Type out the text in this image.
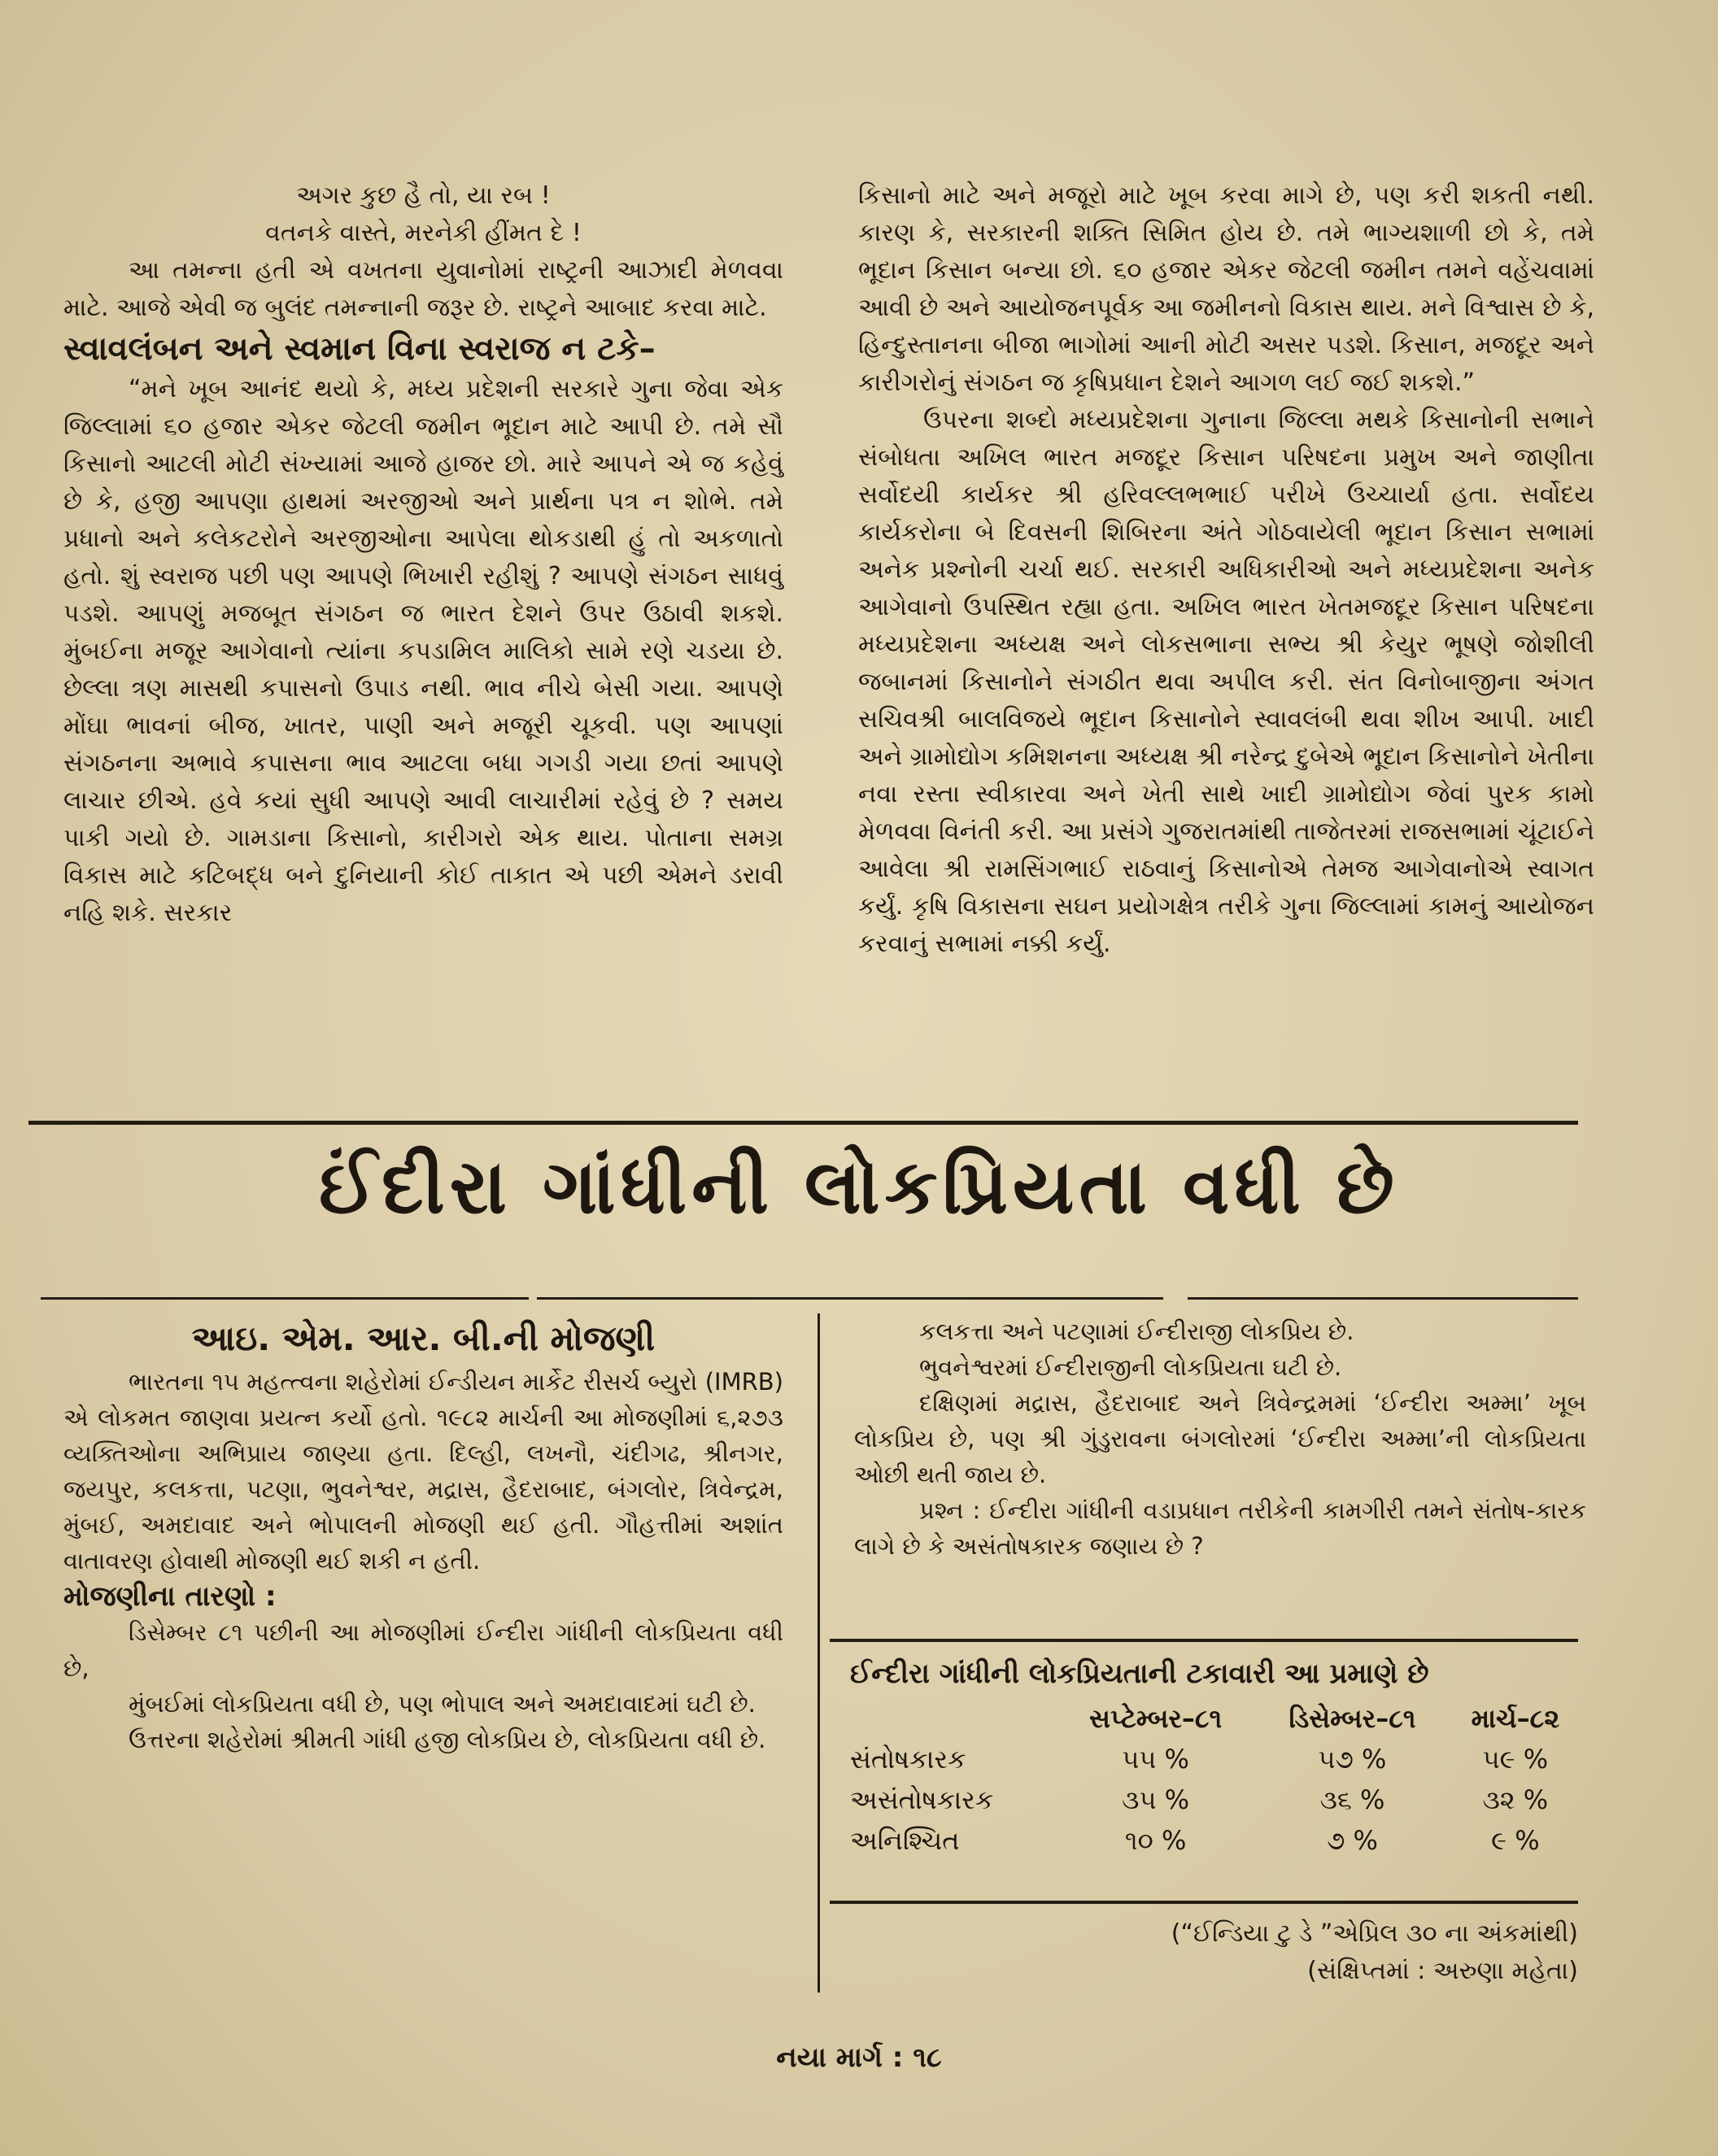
અગર કુછ હૈ તો, યા રબ !

વતનકે વાસ્તે, મરનેકી હીંમત દે !

આ તમન્ના હતી એ વખતના યુવાનોમાં રાષ્ટ્રની આઝાદી મેળવવા માટે. આજે એવી જ બુલંદ તમન્નાની જરૂર છે. રાષ્ટ્રને આબાદ કરવા માટે.

સ્વાવલંબન અને સ્વમાન વિના સ્વરાજ ન ટકે–

“મને ખૂબ આનંદ થયો કે, મધ્ય પ્રદેશની સરકારે ગુના જેવા એક જિલ્લામાં ૬૦ હજાર એકર જેટલી જમીન ભૂદાન માટે આપી છે. તમે સૌ કિસાનો આટલી મોટી સંખ્યામાં આજે હાજર છો. મારે આપને એ જ કહેવું છે કે, હજી આપણા હાથમાં અરજીઓ અને પ્રાર્થના પત્ર ન શોભે. તમે પ્રધાનો અને કલેકટરોને અરજીઓના આપેલા થોકડાથી હું તો અકળાતો હતો. શું સ્વરાજ પછી પણ આપણે ભિખારી રહીશું ? આપણે સંગઠન સાધવું પડશે. આપણું મજબૂત સંગઠન જ ભારત દેશને ઉપર ઉઠાવી શકશે. મુંબઈના મજૂર આગેવાનો ત્યાંના કપડામિલ માલિકો સામે રણે ચડયા છે. છેલ્લા ત્રણ માસથી કપાસનો ઉપાડ નથી. ભાવ નીચે બેસી ગયા. આપણે મોંઘા ભાવનાં બીજ, ખાતર, પાણી અને મજૂરી ચૂકવી. પણ આપણાં સંગઠનના અભાવે કપાસના ભાવ આટલા બધા ગગડી ગયા છતાં આપણે લાચાર છીએ. હવે કયાં સુધી આપણે આવી લાચારીમાં રહેવું છે ? સમય પાકી ગયો છે. ગામડાના કિસાનો, કારીગરો એક થાય. પોતાના સમગ્ર વિકાસ માટે કટિબદ્ધ બને દુનિયાની કોઈ તાકાત એ પછી એમને ડરાવી નહિ શકે. સરકાર

કિસાનો માટે અને મજૂરો માટે ખૂબ કરવા માગે છે, પણ કરી શકતી નથી. કારણ કે, સરકારની શક્તિ સિમિત હોય છે. તમે ભાગ્યશાળી છો કે, તમે ભૂદાન કિસાન બન્યા છો. ૬૦ હજાર એકર જેટલી જમીન તમને વહેંચવામાં આવી છે અને આયોજનપૂર્વક આ જમીનનો વિકાસ થાય. મને વિશ્વાસ છે કે, હિન્દુસ્તાનના બીજા ભાગોમાં આની મોટી અસર પડશે. કિસાન, મજદૂર અને કારીગરોનું સંગઠન જ કૃષિપ્રધાન દેશને આગળ લઈ જઈ શકશે.”

ઉપરના શબ્દો મધ્યપ્રદેશના ગુનાના જિલ્લા મથકે કિસાનોની સભાને સંબોધતા અખિલ ભારત મજદૂર કિસાન પરિષદના પ્રમુખ અને જાણીતા સર્વોદયી કાર્યકર શ્રી હરિવલ્લભભાઈ પરીખે ઉચ્ચાર્યા હતા. સર્વોદય કાર્યકરોના બે દિવસની શિબિરના અંતે ગોઠવાયેલી ભૂદાન કિસાન સભામાં અનેક પ્રશ્નોની ચર્ચા થઈ. સરકારી અધિકારીઓ અને મધ્યપ્રદેશના અનેક આગેવાનો ઉપસ્થિત રહ્યા હતા. અખિલ ભારત ખેતમજદૂર કિસાન પરિષદના મધ્યપ્રદેશના અધ્યક્ષ અને લોકસભાના સભ્ય શ્રી કેયુર ભૂષણે જોશીલી જબાનમાં કિસાનોને સંગઠીત થવા અપીલ કરી. સંત વિનોબાજીના અંગત સચિવશ્રી બાલવિજયે ભૂદાન કિસાનોને સ્વાવલંબી થવા શીખ આપી. ખાદી અને ગ્રામોદ્યોગ કમિશનના અધ્યક્ષ શ્રી નરેન્દ્ર દુબેએ ભૂદાન કિસાનોને ખેતીના નવા રસ્તા સ્વીકારવા અને ખેતી સાથે ખાદી ગ્રામોદ્યોગ જેવાં પુરક કામો મેળવવા વિનંતી કરી. આ પ્રસંગે ગુજરાતમાંથી તાજેતરમાં રાજસભામાં ચૂંટાઈને આવેલા શ્રી રામસિંગભાઈ રાઠવાનું કિસાનોએ તેમજ આગેવાનોએ સ્વાગત કર્યું. કૃષિ વિકાસના સઘન પ્રયોગક્ષેત્ર તરીકે ગુના જિલ્લામાં કામનું આયોજન કરવાનું સભામાં નક્કી કર્યું.

ઈંદીરા ગાંધીની લોકપ્રિયતા વધી છે

આઇ. એમ. આર. બી.ની મોજણી

ભારતના ૧૫ મહત્ત્વના શહેરોમાં ઈન્ડીયન માર્કેટ રીસર્ચ બ્યુરો (IMRB) એ લોકમત જાણવા પ્રયત્ન કર્યો હતો. ૧૯૮૨ માર્ચની આ મોજણીમાં ૬,૨૭૩ વ્યક્તિઓના અભિપ્રાય જાણ્યા હતા. દિલ્હી, લખનૌ, ચંદીગઢ, શ્રીનગર, જયપુર, કલકત્તા, પટણા, ભુવનેશ્વર, મદ્રાસ, હૈદરાબાદ, બંગલોર, ત્રિવેન્દ્રમ, મુંબઈ, અમદાવાદ અને ભોપાલની મોજણી થઈ હતી. ગૌહત્તીમાં અશાંત વાતાવરણ હોવાથી મોજણી થઈ શકી ન હતી.

મોજણીના તારણો :

ડિસેમ્બર ૮૧ પછીની આ મોજણીમાં ઈન્દીરા ગાંધીની લોકપ્રિયતા વધી છે,

મુંબઈમાં લોકપ્રિયતા વધી છે, પણ ભોપાલ અને અમદાવાદમાં ઘટી છે.

ઉત્તરના શહેરોમાં શ્રીમતી ગાંધી હજી લોકપ્રિય છે, લોકપ્રિયતા વધી છે.

કલકત્તા અને પટણામાં ઈન્દીરાજી લોકપ્રિય છે.

ભુવનેશ્વરમાં ઈન્દીરાજીની લોકપ્રિયતા ઘટી છે.

દક્ષિણમાં મદ્રાસ, હૈદરાબાદ અને ત્રિવેન્દ્રમમાં ‘ઈન્દીરા અમ્મા’ ખૂબ લોકપ્રિય છે, પણ શ્રી ગુંડુરાવના બંગલોરમાં ‘ઈન્દીરા અમ્મા’ની લોકપ્રિયતા ઓછી થતી જાય છે.

પ્રશ્ન : ઈન્દીરા ગાંધીની વડાપ્રધાન તરીકેની કામગીરી તમને સંતોષ-કારક લાગે છે કે અસંતોષકારક જણાય છે ?

ઈન્દીરા ગાંધીની લોકપ્રિયતાની ટકાવારી આ પ્રમાણે છે
	સપ્ટેમ્બર–૮૧	ડિસેમ્બર–૮૧	માર્ચ–૮૨
સંતોષકારક	૫૫ %	૫૭ %	૫૯ %
અસંતોષકારક	૩૫ %	૩૬ %	૩૨ %
અનિશ્ચિત	૧૦ %	૭ %	૯ %
(“ઈન્ડિયા ટુ ડે ”એપ્રિલ ૩૦ ના અંકમાંથી)
(સંક્ષિપ્તમાં : અરુણા મહેતા)
નયા માર્ગ : ૧૮
